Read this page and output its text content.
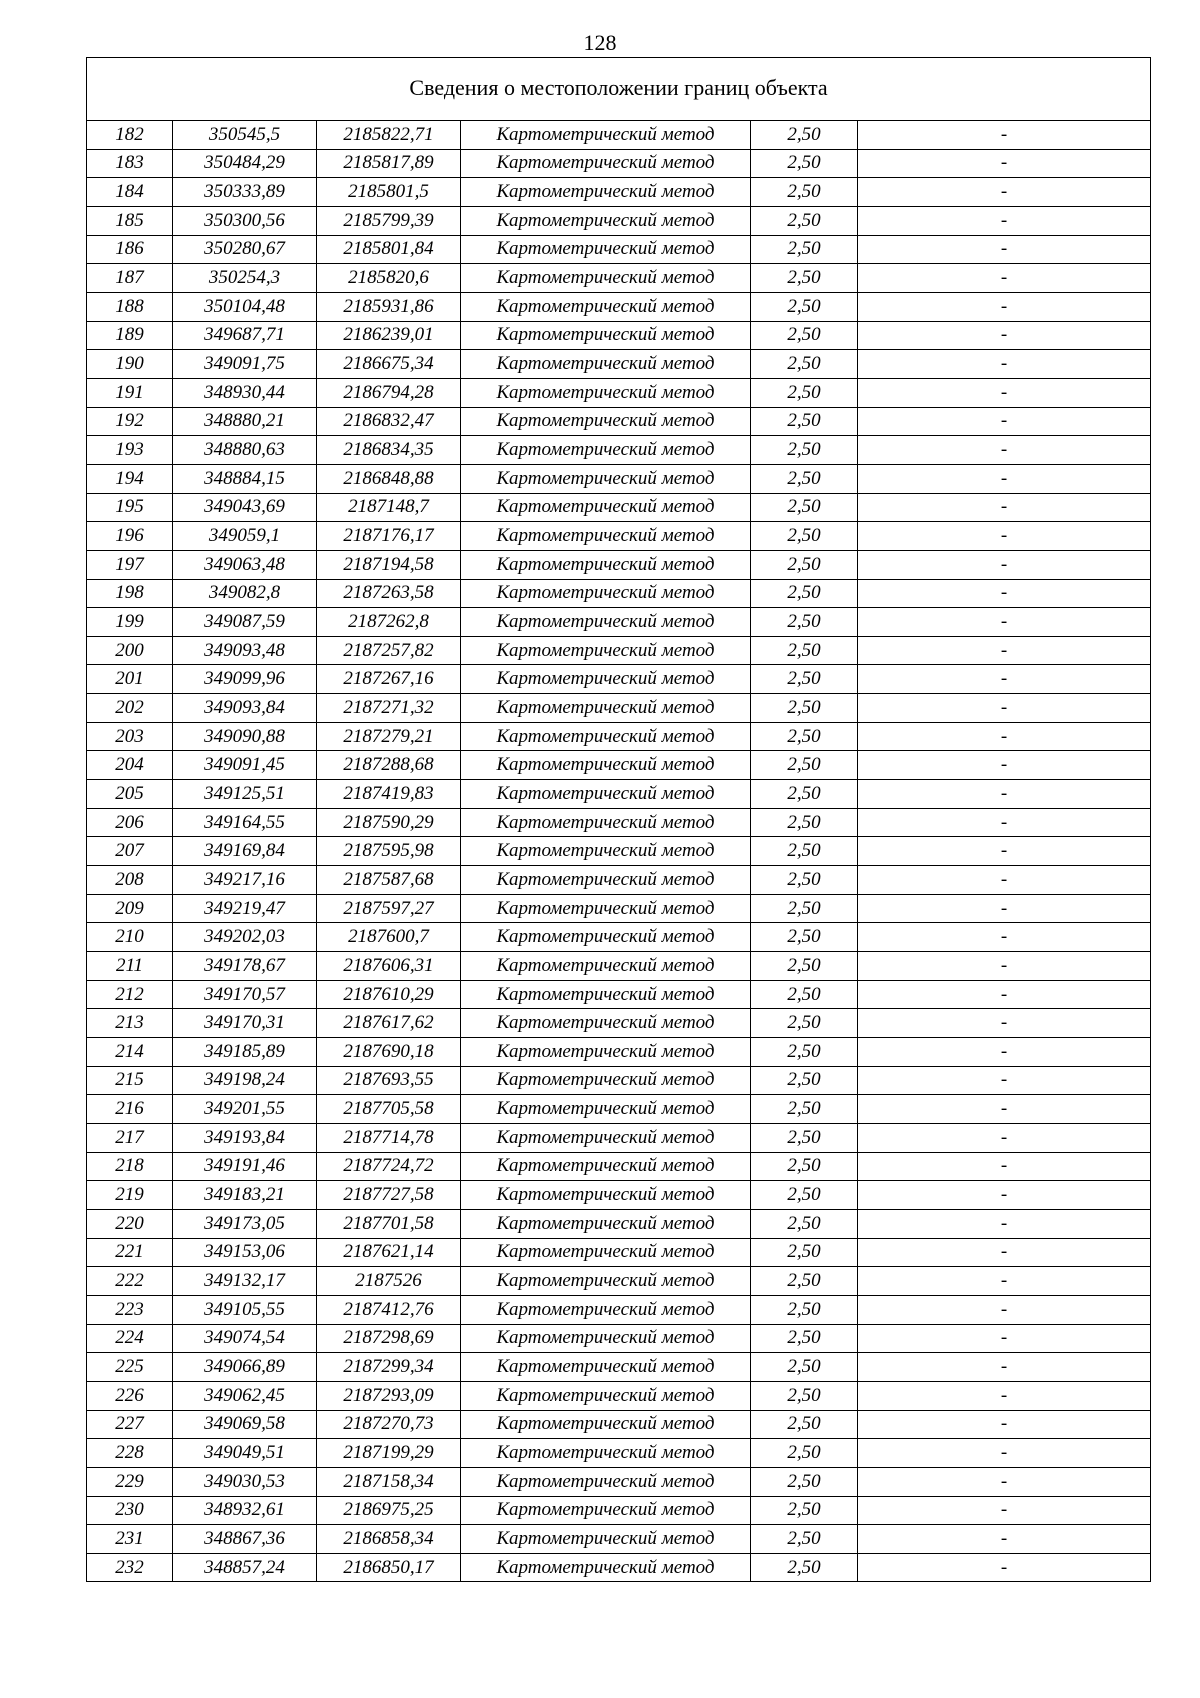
128
Сведения о местоположении границ объекта					
182	350545,5	2185822,71	Картометрический метод	2,50	-
183	350484,29	2185817,89	Картометрический метод	2,50	-
184	350333,89	2185801,5	Картометрический метод	2,50	-
185	350300,56	2185799,39	Картометрический метод	2,50	-
186	350280,67	2185801,84	Картометрический метод	2,50	-
187	350254,3	2185820,6	Картометрический метод	2,50	-
188	350104,48	2185931,86	Картометрический метод	2,50	-
189	349687,71	2186239,01	Картометрический метод	2,50	-
190	349091,75	2186675,34	Картометрический метод	2,50	-
191	348930,44	2186794,28	Картометрический метод	2,50	-
192	348880,21	2186832,47	Картометрический метод	2,50	-
193	348880,63	2186834,35	Картометрический метод	2,50	-
194	348884,15	2186848,88	Картометрический метод	2,50	-
195	349043,69	2187148,7	Картометрический метод	2,50	-
196	349059,1	2187176,17	Картометрический метод	2,50	-
197	349063,48	2187194,58	Картометрический метод	2,50	-
198	349082,8	2187263,58	Картометрический метод	2,50	-
199	349087,59	2187262,8	Картометрический метод	2,50	-
200	349093,48	2187257,82	Картометрический метод	2,50	-
201	349099,96	2187267,16	Картометрический метод	2,50	-
202	349093,84	2187271,32	Картометрический метод	2,50	-
203	349090,88	2187279,21	Картометрический метод	2,50	-
204	349091,45	2187288,68	Картометрический метод	2,50	-
205	349125,51	2187419,83	Картометрический метод	2,50	-
206	349164,55	2187590,29	Картометрический метод	2,50	-
207	349169,84	2187595,98	Картометрический метод	2,50	-
208	349217,16	2187587,68	Картометрический метод	2,50	-
209	349219,47	2187597,27	Картометрический метод	2,50	-
210	349202,03	2187600,7	Картометрический метод	2,50	-
211	349178,67	2187606,31	Картометрический метод	2,50	-
212	349170,57	2187610,29	Картометрический метод	2,50	-
213	349170,31	2187617,62	Картометрический метод	2,50	-
214	349185,89	2187690,18	Картометрический метод	2,50	-
215	349198,24	2187693,55	Картометрический метод	2,50	-
216	349201,55	2187705,58	Картометрический метод	2,50	-
217	349193,84	2187714,78	Картометрический метод	2,50	-
218	349191,46	2187724,72	Картометрический метод	2,50	-
219	349183,21	2187727,58	Картометрический метод	2,50	-
220	349173,05	2187701,58	Картометрический метод	2,50	-
221	349153,06	2187621,14	Картометрический метод	2,50	-
222	349132,17	2187526	Картометрический метод	2,50	-
223	349105,55	2187412,76	Картометрический метод	2,50	-
224	349074,54	2187298,69	Картометрический метод	2,50	-
225	349066,89	2187299,34	Картометрический метод	2,50	-
226	349062,45	2187293,09	Картометрический метод	2,50	-
227	349069,58	2187270,73	Картометрический метод	2,50	-
228	349049,51	2187199,29	Картометрический метод	2,50	-
229	349030,53	2187158,34	Картометрический метод	2,50	-
230	348932,61	2186975,25	Картометрический метод	2,50	-
231	348867,36	2186858,34	Картометрический метод	2,50	-
232	348857,24	2186850,17	Картометрический метод	2,50	-
